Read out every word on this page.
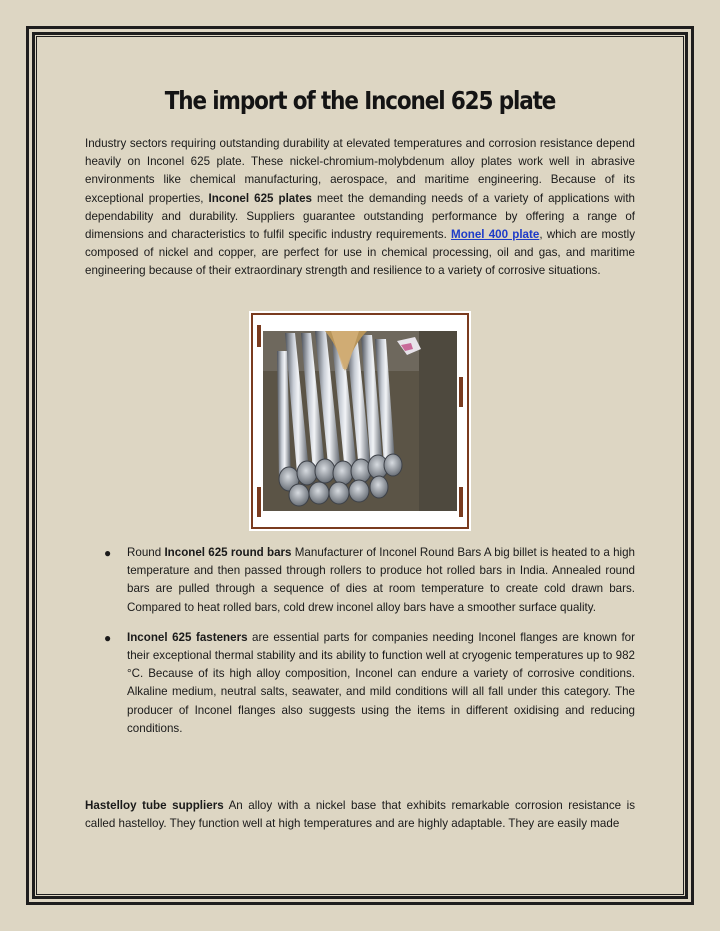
The import of the Inconel 625 plate
Industry sectors requiring outstanding durability at elevated temperatures and corrosion resistance depend heavily on Inconel 625 plate. These nickel-chromium-molybdenum alloy plates work well in abrasive environments like chemical manufacturing, aerospace, and maritime engineering. Because of its exceptional properties, Inconel 625 plates meet the demanding needs of a variety of applications with dependability and durability. Suppliers guarantee outstanding performance by offering a range of dimensions and characteristics to fulfil specific industry requirements. Monel 400 plate, which are mostly composed of nickel and copper, are perfect for use in chemical processing, oil and gas, and maritime engineering because of their extraordinary strength and resilience to a variety of corrosive situations.
● Round Inconel 625 round bars Manufacturer of Inconel Round Bars A big billet is heated to a high temperature and then passed through rollers to produce hot rolled bars in India. Annealed round bars are pulled through a sequence of dies at room temperature to create cold drawn bars. Compared to heat rolled bars, cold drew inconel alloy bars have a smoother surface quality.
● Inconel 625 fasteners are essential parts for companies needing Inconel flanges are known for their exceptional thermal stability and its ability to function well at cryogenic temperatures up to 982 °C. Because of its high alloy composition, Inconel can endure a variety of corrosive conditions. Alkaline medium, neutral salts, seawater, and mild conditions will all fall under this category. The producer of Inconel flanges also suggests using the items in different oxidising and reducing conditions.
Hastelloy tube suppliers An alloy with a nickel base that exhibits remarkable corrosion resistance is called hastelloy. They function well at high temperatures and are highly adaptable. They are easily made
